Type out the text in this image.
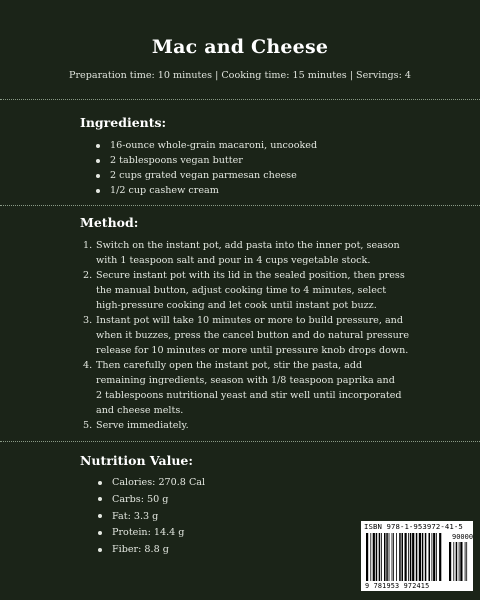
Mac and Cheese
Preparation time: 10 minutes | Cooking time: 15 minutes | Servings: 4
Ingredients:
16-ounce whole-grain macaroni, uncooked
2 tablespoons vegan butter
2 cups grated vegan parmesan cheese
1/2 cup cashew cream
Method:
1. Switch on the instant pot, add pasta into the inner pot, season
with 1 teaspoon salt and pour in 4 cups vegetable stock.
2. Secure instant pot with its lid in the sealed position, then press
the manual button, adjust cooking time to 4 minutes, select
high-pressure cooking and let cook until instant pot buzz.
3. Instant pot will take 10 minutes or more to build pressure, and
when it buzzes, press the cancel button and do natural pressure
release for 10 minutes or more until pressure knob drops down.
4. Then carefully open the instant pot, stir the pasta, add
remaining ingredients, season with 1/8 teaspoon paprika and
2 tablespoons nutritional yeast and stir well until incorporated
and cheese melts.
5. Serve immediately.
Nutrition Value:
Calories: 270.8 Cal
Carbs: 50 g
Fat: 3.3 g
Protein: 14.4 g
Fiber: 8.8 g
ISBN 978-1-953972-41-5
90000
9 781953 972415
